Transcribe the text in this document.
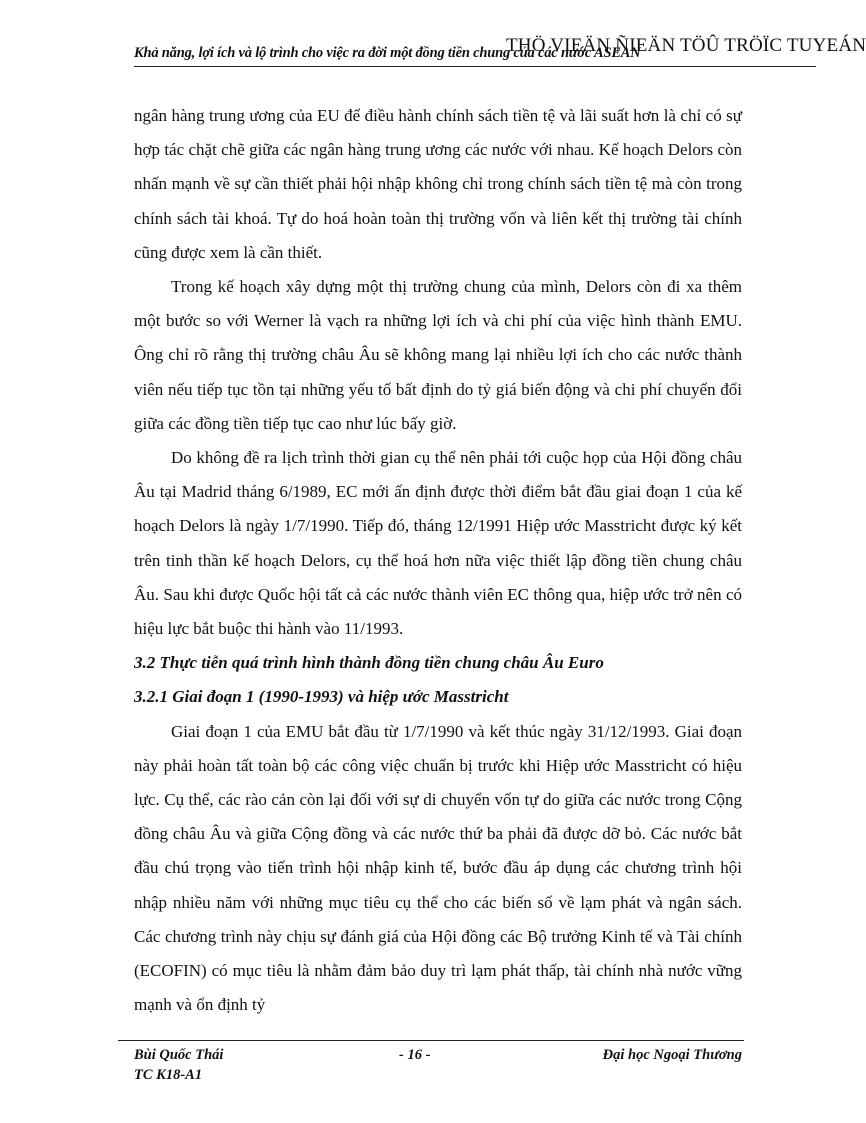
Khả năng, lợi ích và lộ trình cho việc ra đời một đồng tiền chung của các nước ASEAN
THÖ VIEÄN ÑIEÄN TÖÛ TRÖÏC TUYEÁN

ngân hàng trung ương của EU để điều hành chính sách tiền tệ và lãi suất hơn là chỉ có sự hợp tác chặt chẽ giữa các ngân hàng trung ương các nước với nhau. Kế hoạch Delors còn nhấn mạnh về sự cần thiết phải hội nhập không chỉ trong chính sách tiền tệ mà còn trong chính sách tài khoá. Tự do hoá hoàn toàn thị trường vốn và liên kết thị trường tài chính cũng được xem là cần thiết.

Trong kế hoạch xây dựng một thị trường chung của mình, Delors còn đi xa thêm một bước so với Werner là vạch ra những lợi ích và chi phí của việc hình thành EMU. Ông chỉ rõ rằng thị trường châu Âu sẽ không mang lại nhiều lợi ích cho các nước thành viên nếu tiếp tục tồn tại những yếu tố bất định do tỷ giá biến động và chi phí chuyển đổi giữa các đồng tiền tiếp tục cao như lúc bấy giờ.

Do không đề ra lịch trình thời gian cụ thể nên phải tới cuộc họp của Hội đồng châu Âu tại Madrid tháng 6/1989, EC mới ấn định được thời điểm bắt đầu giai đoạn 1 của kế hoạch Delors là ngày 1/7/1990. Tiếp đó, tháng 12/1991 Hiệp ước Masstricht được ký kết trên tinh thần kế hoạch Delors, cụ thể hoá hơn nữa việc thiết lập đồng tiền chung châu Âu. Sau khi được Quốc hội tất cả các nước thành viên EC thông qua, hiệp ước trở nên có hiệu lực bắt buộc thi hành vào 11/1993.

3.2 Thực tiễn quá trình hình thành đồng tiền chung châu Âu Euro
3.2.1 Giai đoạn 1 (1990-1993) và hiệp ước Masstricht

Giai đoạn 1 của EMU bắt đầu từ 1/7/1990 và kết thúc ngày 31/12/1993. Giai đoạn này phải hoàn tất toàn bộ các công việc chuẩn bị trước khi Hiệp ước Masstricht có hiệu lực. Cụ thể, các rào cản còn lại đối với sự di chuyển vốn tự do giữa các nước trong Cộng đồng châu Âu và giữa Cộng đồng và các nước thứ ba phải đã được dỡ bỏ. Các nước bắt đầu chú trọng vào tiến trình hội nhập kinh tế, bước đầu áp dụng các chương trình hội nhập nhiều năm với những mục tiêu cụ thể cho các biến số về lạm phát và ngân sách. Các chương trình này chịu sự đánh giá của Hội đồng các Bộ trưởng Kinh tế và Tài chính (ECOFIN) có mục tiêu là nhằm đảm bảo duy trì lạm phát thấp, tài chính nhà nước vững mạnh và ổn định tỷ

Bùi Quốc Thái
TC K18-A1
- 16 -	Đại học Ngoại Thương
